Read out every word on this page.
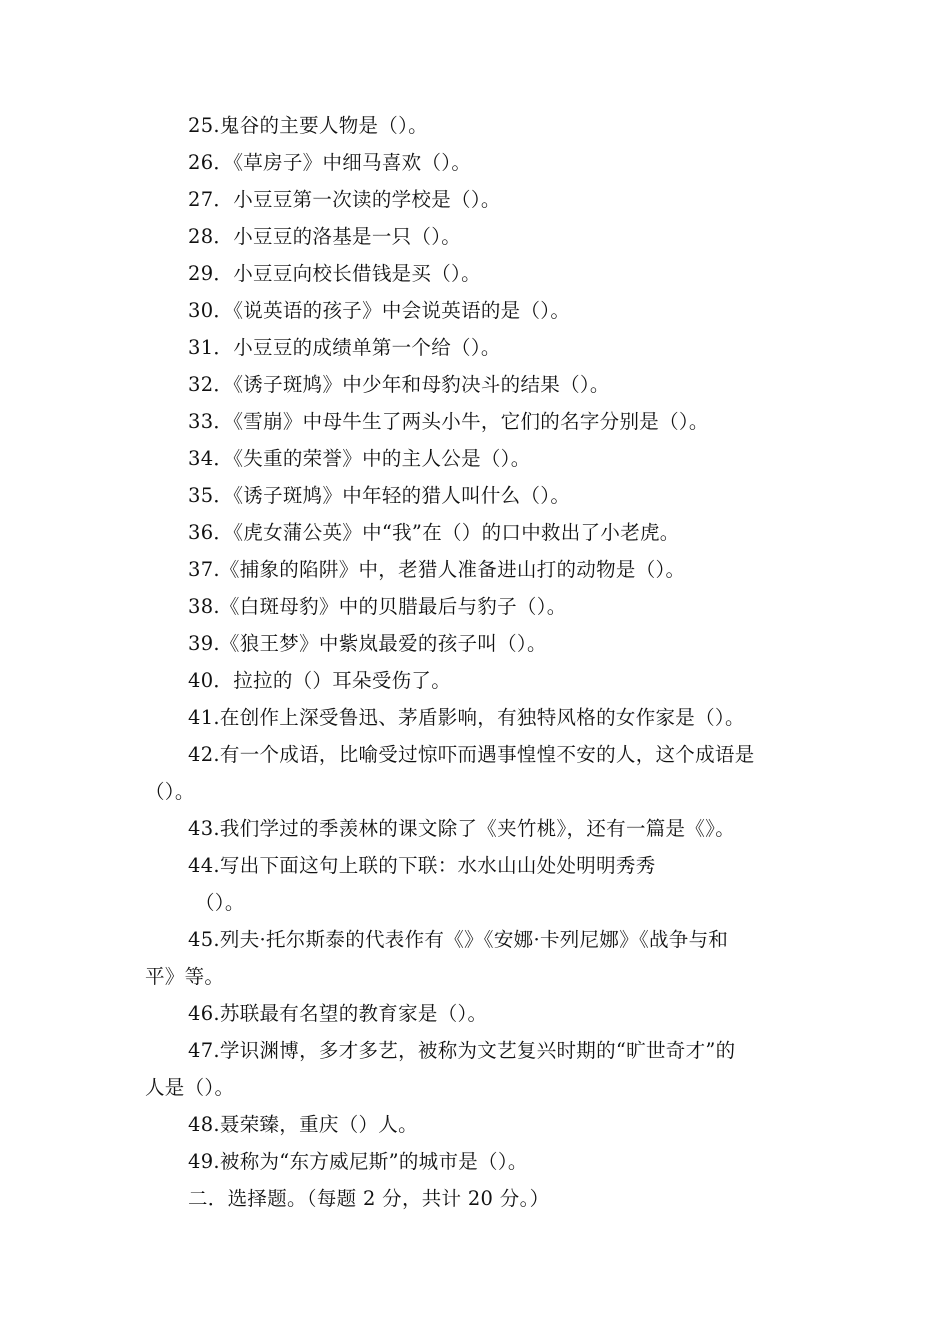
25.鬼谷的主要人物是（）。
26．《草房子》中细马喜欢（）。
27．小豆豆第一次读的学校是（）。
28．小豆豆的洛基是一只（）。
29．小豆豆向校长借钱是买（）。
30．《说英语的孩子》中会说英语的是（）。
31．小豆豆的成绩单第一个给（）。
32．《诱子斑鸠》中少年和母豹决斗的结果（）。
33．《雪崩》中母牛生了两头小牛，它们的名字分别是（）。
34．《失重的荣誉》中的主人公是（）。
35．《诱子斑鸠》中年轻的猎人叫什么（）。
36．《虎女蒲公英》中“我”在（）的口中救出了小老虎。
37.《捕象的陷阱》中，老猎人准备进山打的动物是（）。
38.《白斑母豹》中的贝腊最后与豹子（）。
39.《狼王梦》中紫岚最爱的孩子叫（）。
40．拉拉的（）耳朵受伤了。
41.在创作上深受鲁迅、茅盾影响，有独特风格的女作家是（）。
42.有一个成语，比喻受过惊吓而遇事惶惶不安的人，这个成语是
（）。
43.我们学过的季羡林的课文除了《夹竹桃》，还有一篇是《》。
44.写出下面这句上联的下联：水水山山处处明明秀秀
（）。
45.列夫·托尔斯泰的代表作有《》《安娜·卡列尼娜》《战争与和
平》等。
46.苏联最有名望的教育家是（）。
47.学识渊博，多才多艺，被称为文艺复兴时期的“旷世奇才”的
人是（）。
48.聂荣臻，重庆（）人。
49.被称为“东方威尼斯”的城市是（）。
二．选择题。（每题 2 分，共计 20 分。）
